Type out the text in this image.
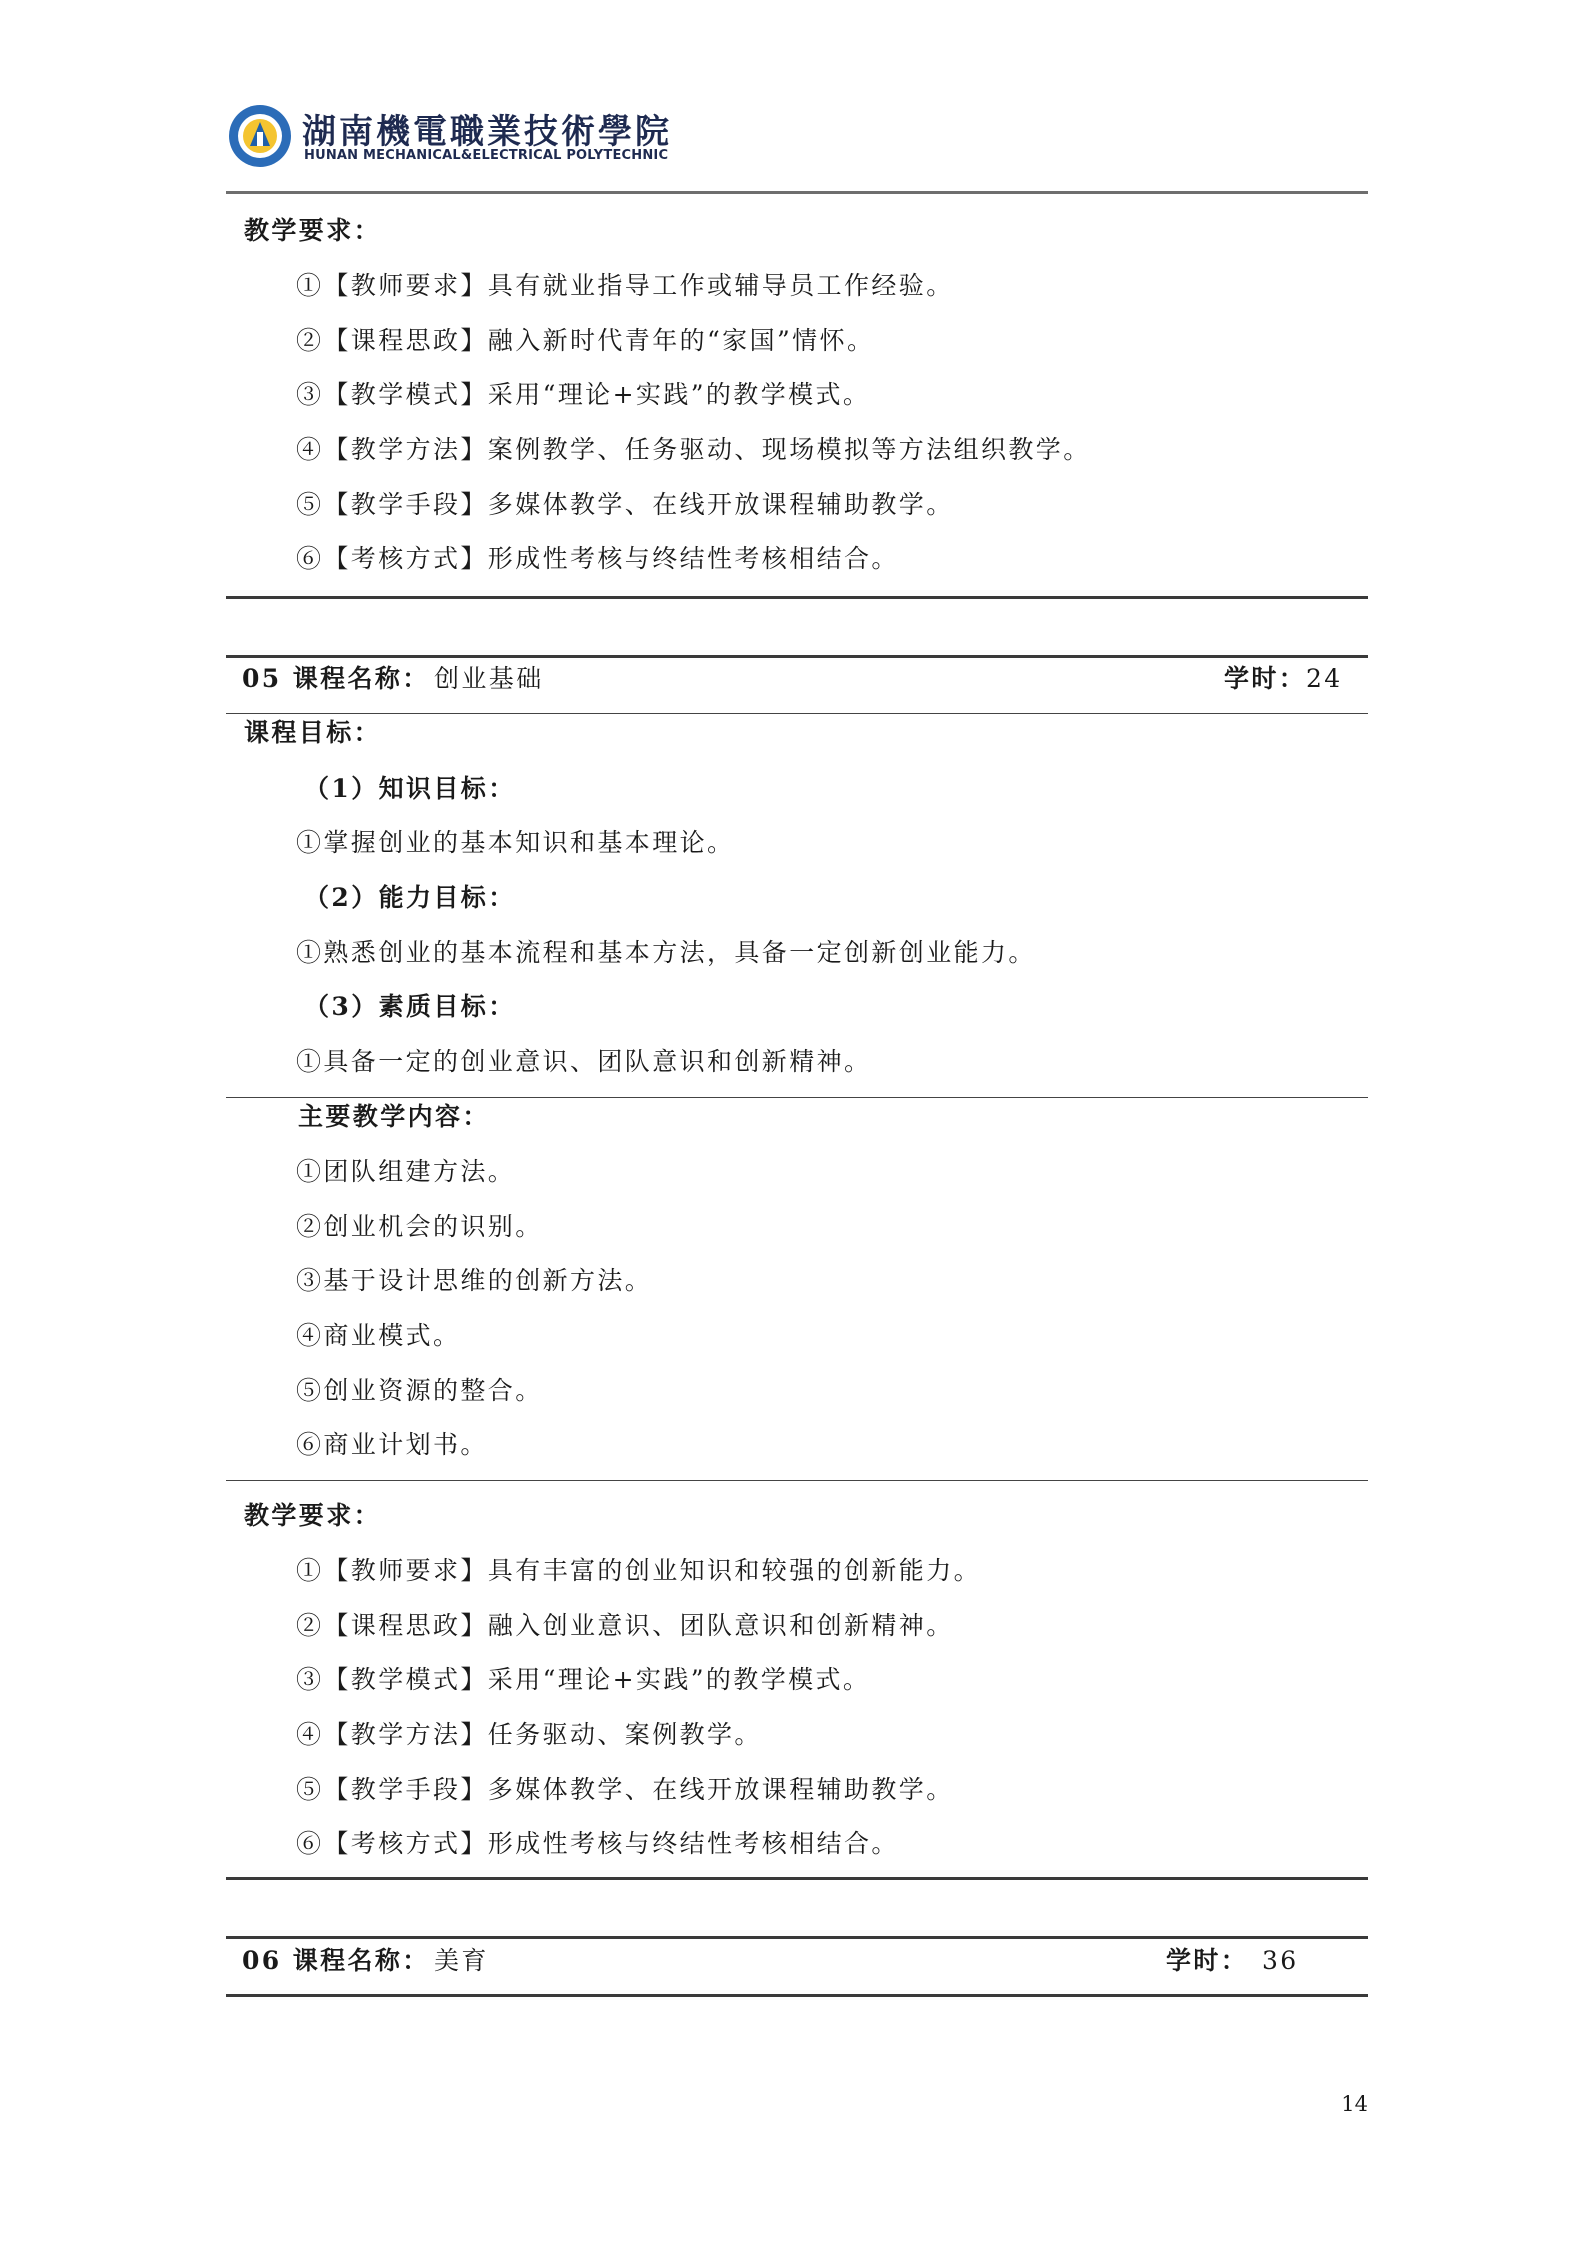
湖南機電職業技術學院
HUNAN MECHANICAL&ELECTRICAL POLYTECHNIC
教学要求：
①【教师要求】具有就业指导工作或辅导员工作经验。
②【课程思政】融入新时代青年的“家国”情怀。
③【教学模式】采用“理论+实践”的教学模式。
④【教学方法】案例教学、任务驱动、现场模拟等方法组织教学。
⑤【教学手段】多媒体教学、在线开放课程辅助教学。
⑥【考核方式】形成性考核与终结性考核相结合。
05 课程名称： 创业基础	学时： 24
课程目标：
（1）知识目标：
①掌握创业的基本知识和基本理论。
（2）能力目标：
①熟悉创业的基本流程和基本方法，具备一定创新创业能力。
（3）素质目标：
①具备一定的创业意识、团队意识和创新精神。
主要教学内容：
①团队组建方法。
②创业机会的识别。
③基于设计思维的创新方法。
④商业模式。
⑤创业资源的整合。
⑥商业计划书。
教学要求：
①【教师要求】具有丰富的创业知识和较强的创新能力。
②【课程思政】融入创业意识、团队意识和创新精神。
③【教学模式】采用“理论+实践”的教学模式。
④【教学方法】任务驱动、案例教学。
⑤【教学手段】多媒体教学、在线开放课程辅助教学。
⑥【考核方式】形成性考核与终结性考核相结合。
06 课程名称： 美育	学时： 36
14
